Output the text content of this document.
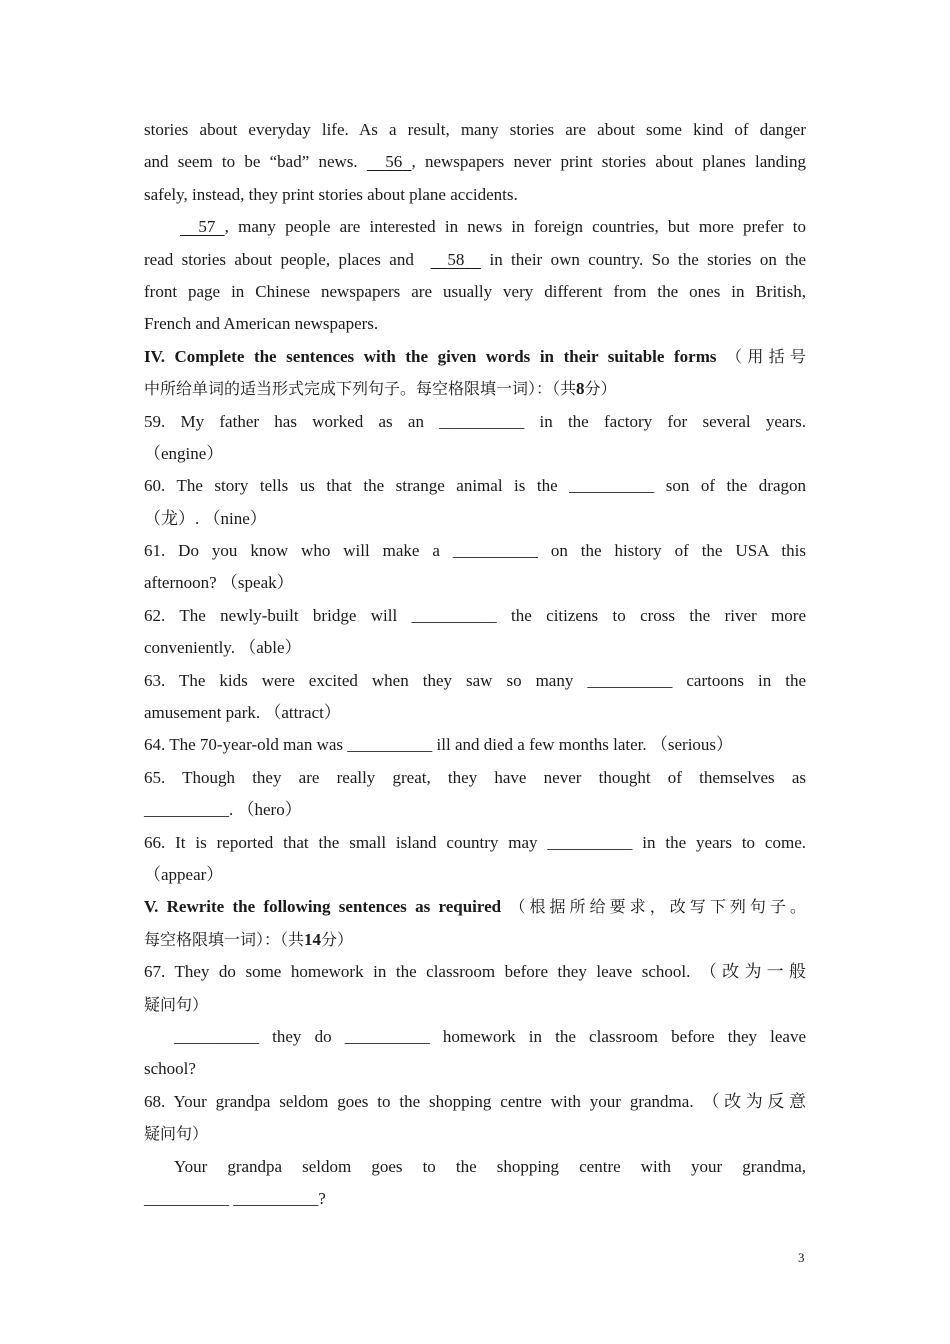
stories about everyday life. As a result, many stories are about some kind of danger
and seem to be “bad” news. 56 , newspapers never print stories about planes landing
safely, instead, they print stories about plane accidents.
57 , many people are interested in news in foreign countries, but more prefer to
read stories about people, places and 58 in their own country. So the stories on the
front page in Chinese newspapers are usually very different from the ones in British,
French and American newspapers.
IV. Complete the sentences with the given words in their suitable forms （用括号
中所给单词的适当形式完成下列句子。每空格限填一词）：（共8分）
59. My father has worked as an __________ in the factory for several years.
（engine）
60. The story tells us that the strange animal is the __________ son of the dragon
（龙）. （nine）
61. Do you know who will make a __________ on the history of the USA this
afternoon? （speak）
62. The newly-built bridge will __________ the citizens to cross the river more
conveniently. （able）
63. The kids were excited when they saw so many __________ cartoons in the
amusement park. （attract）
64. The 70-year-old man was __________ ill and died a few months later. （serious）
65. Though they are really great, they have never thought of themselves as
__________. （hero）
66. It is reported that the small island country may __________ in the years to come.
（appear）
V. Rewrite the following sentences as required （根据所给要求，改写下列句子。
每空格限填一词）：（共14分）
67. They do some homework in the classroom before they leave school. （改为一般
疑问句）
__________ they do __________ homework in the classroom before they leave
school?
68. Your grandpa seldom goes to the shopping centre with your grandma. （改为反意
疑问句）
Your grandpa seldom goes to the shopping centre with your grandma,
__________ __________?
3
